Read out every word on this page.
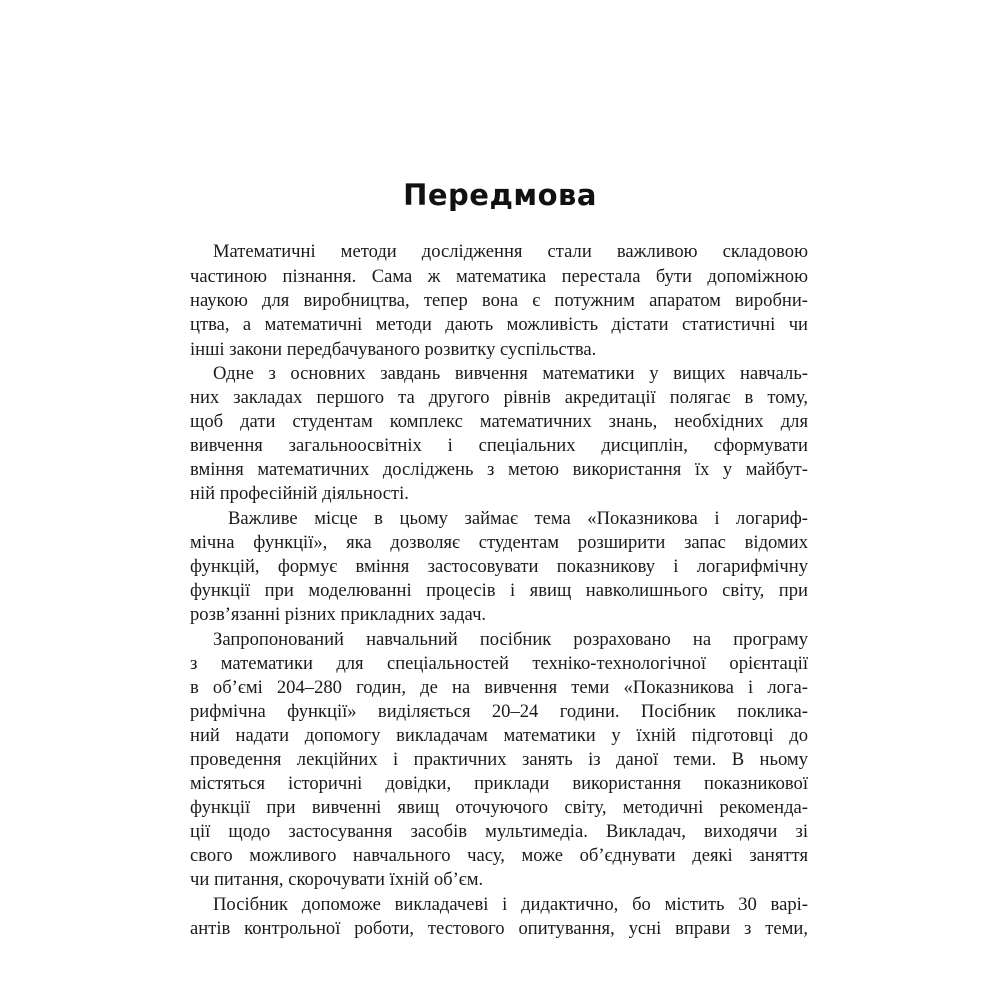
Передмова

Математичні методи дослідження стали важливою складовою

частиною пізнання. Сама ж математика перестала бути допоміжною

наукою для виробництва, тепер вона є потужним апаратом виробни-

цтва, а математичні методи дають можливість дістати статистичні чи

інші закони передбачуваного розвитку суспільства.

Одне з основних завдань вивчення математики у вищих навчаль-

них закладах першого та другого рівнів акредитації полягає в тому,

щоб дати студентам комплекс математичних знань, необхідних для

вивчення загальноосвітніх і спеціальних дисциплін, сформувати

вміння математичних досліджень з метою використання їх у майбут-

ній професійній діяльності.

Важливе місце в цьому займає тема «Показникова і логариф-

мічна функції», яка дозволяє студентам розширити запас відомих

функцій, формує вміння застосовувати показникову і логарифмічну

функції при моделюванні процесів і явищ навколишнього світу, при

розв’язанні різних прикладних задач.

Запропонований навчальний посібник розраховано на програму

з математики для спеціальностей техніко-технологічної орієнтації

в об’ємі 204–280 годин, де на вивчення теми «Показникова і лога-

рифмічна функції» виділяється 20–24 години. Посібник поклика-

ний надати допомогу викладачам математики у їхній підготовці до

проведення лекційних і практичних занять із даної теми. В ньому

містяться історичні довідки, приклади використання показникової

функції при вивченні явищ оточуючого світу, методичні рекоменда-

ції щодо застосування засобів мультимедіа. Викладач, виходячи зі

свого можливого навчального часу, може об’єднувати деякі заняття

чи питання, скорочувати їхній об’єм.

Посібник допоможе викладачеві і дидактично, бо містить 30 варі-

антів контрольної роботи, тестового опитування, усні вправи з теми,
